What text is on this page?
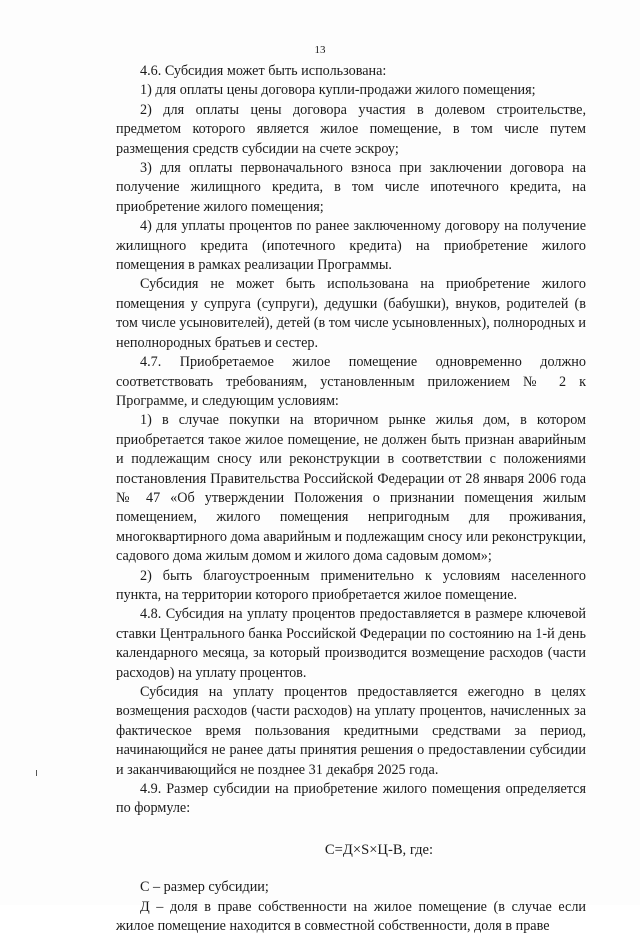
13

4.6. Субсидия может быть использована:

1) для оплаты цены договора купли-продажи жилого помещения;

2) для оплаты цены договора участия в долевом строительстве, предметом которого является жилое помещение, в том числе путем размещения средств субсидии на счете эскроу;

3) для оплаты первоначального взноса при заключении договора на получение жилищного кредита, в том числе ипотечного кредита, на приобретение жилого помещения;

4) для уплаты процентов по ранее заключенному договору на получение жилищного кредита (ипотечного кредита) на приобретение жилого помещения в рамках реализации Программы.

Субсидия не может быть использована на приобретение жилого помещения у супруга (супруги), дедушки (бабушки), внуков, родителей (в том числе усыновителей), детей (в том числе усыновленных), полнородных и неполнородных братьев и сестер.

4.7. Приобретаемое жилое помещение одновременно должно соответствовать требованиям, установленным приложением № 2 к Программе, и следующим условиям:

1) в случае покупки на вторичном рынке жилья дом, в котором приобретается такое жилое помещение, не должен быть признан аварийным и подлежащим сносу или реконструкции в соответствии с положениями постановления Правительства Российской Федерации от 28 января 2006 года № 47 «Об утверждении Положения о признании помещения жилым помещением, жилого помещения непригодным для проживания, многоквартирного дома аварийным и подлежащим сносу или реконструкции, садового дома жилым домом и жилого дома садовым домом»;

2) быть благоустроенным применительно к условиям населенного пункта, на территории которого приобретается жилое помещение.

4.8. Субсидия на уплату процентов предоставляется в размере ключевой ставки Центрального банка Российской Федерации по состоянию на 1-й день календарного месяца, за который производится возмещение расходов (части расходов) на уплату процентов.

Субсидия на уплату процентов предоставляется ежегодно в целях возмещения расходов (части расходов) на уплату процентов, начисленных за фактическое время пользования кредитными средствами за период, начинающийся не ранее даты принятия решения о предоставлении субсидии и заканчивающийся не позднее 31 декабря 2025 года.

4.9. Размер субсидии на приобретение жилого помещения определяется по формуле:

С=Д×S×Ц-В, где:

С – размер субсидии;

Д – доля в праве собственности на жилое помещение (в случае если жилое помещение находится в совместной собственности, доля в праве
